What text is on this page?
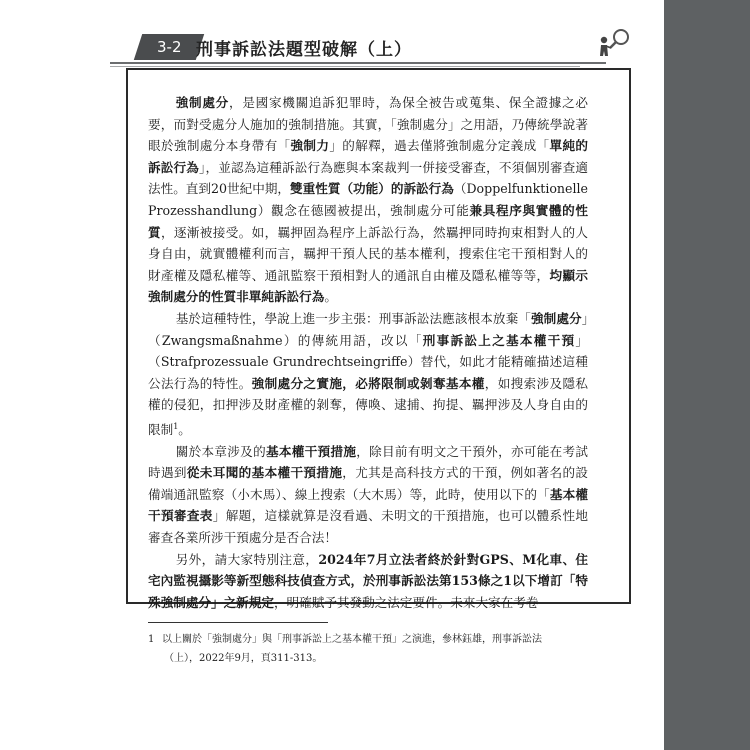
3-2 刑事訴訟法題型破解（上）

強制處分，是國家機關追訴犯罪時，為保全被告或蒐集、保全證據之必要，而對受處分人施加的強制措施。其實，「強制處分」之用語，乃傳統學說著眼於強制處分本身帶有「強制力」的解釋，過去僅將強制處分定義成「單純的訴訟行為」，並認為這種訴訟行為應與本案裁判一併接受審查，不須個別審查適法性。直到20世紀中期，雙重性質（功能）的訴訟行為（Doppelfunktionelle Prozesshandlung）觀念在德國被提出，強制處分可能兼具程序與實體的性質，逐漸被接受。如，羈押固為程序上訴訟行為，然羈押同時拘束相對人的人身自由，就實體權利而言，羈押干預人民的基本權利，搜索住宅干預相對人的財產權及隱私權等、通訊監察干預相對人的通訊自由權及隱私權等等，均顯示強制處分的性質非單純訴訟行為。

基於這種特性，學說上進一步主張：刑事訴訟法應該根本放棄「強制處分」（Zwangsmaßnahme）的傳統用語，改以「刑事訴訟上之基本權干預」（Strafprozessuale Grundrechtseingriffe）替代，如此才能精確描述這種公法行為的特性。強制處分之實施，必將限制或剝奪基本權，如搜索涉及隱私權的侵犯，扣押涉及財產權的剝奪，傳喚、逮捕、拘提、羈押涉及人身自由的限制$^1$。

關於本章涉及的基本權干預措施，除目前有明文之干預外，亦可能在考試時遇到從未耳聞的基本權干預措施，尤其是高科技方式的干預，例如著名的設備端通訊監察（小木馬）、線上搜索（大木馬）等，此時，使用以下的「基本權干預審查表」解題，這樣就算是沒看過、未明文的干預措施，也可以體系性地審查各業所涉干預處分是否合法！

另外，請大家特別注意，2024年7月立法者終於針對GPS、M化車、住宅內監視攝影等新型態科技偵查方式，於刑事訴訟法第153條之1以下增訂「特殊強制處分」之新規定，明確賦予其發動之法定要件。未來大家在考卷

1 以上關於「強制處分」與「刑事訴訟上之基本權干預」之演進，參林鈺雄，刑事訴訟法
（上），2022年9月，頁311-313。
